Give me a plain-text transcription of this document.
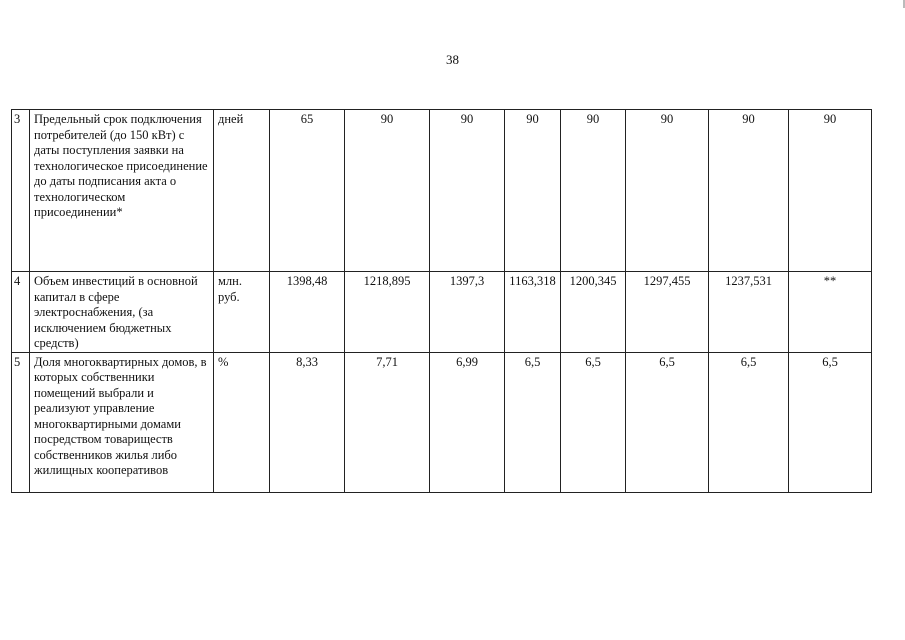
38
3	Предельный срок подключения потребителей (до 150 кВт) с даты поступления заявки на технологическое присоединение до даты подписания акта о технологическом присоединении*	дней	65	90	90	90	90	90	90	90
4	Объем инвестиций в основной капитал в сфере электроснабжения, (за исключением бюджетных средств)	млн. руб.	1398,48	1218,895	1397,3	1163,318	1200,345	1297,455	1237,531	**
5	Доля многоквартирных домов, в которых собственники помещений выбрали и реализуют управление многоквартирными домами посредством товариществ собственников жилья либо жилищных кооперативов	%	8,33	7,71	6,99	6,5	6,5	6,5	6,5	6,5
